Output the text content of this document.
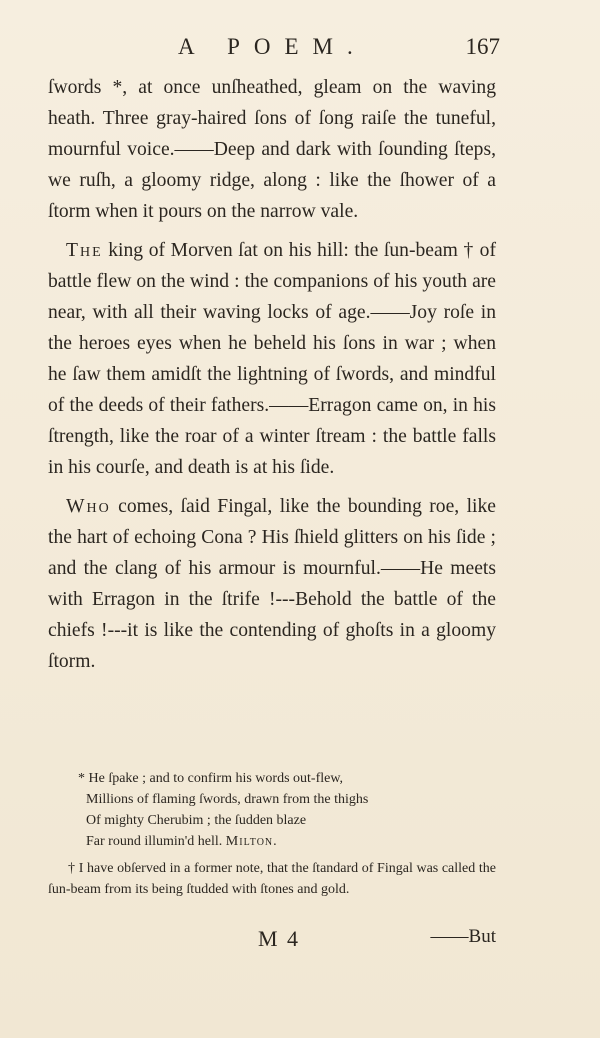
A POEM.	167

ſwords *, at once unſheathed, gleam on the waving heath. Three gray-haired ſons of ſong raiſe the tuneful, mournful voice.——Deep and dark with ſounding ſteps, we ruſh, a gloomy ridge, along : like the ſhower of a ſtorm when it pours on the narrow vale.

The king of Morven ſat on his hill: the ſun-beam † of battle flew on the wind : the companions of his youth are near, with all their waving locks of age.——Joy roſe in the heroes eyes when he beheld his ſons in war ; when he ſaw them amidſt the lightning of ſwords, and mindful of the deeds of their fathers.——Erragon came on, in his ſtrength, like the roar of a winter ſtream : the battle falls in his courſe, and death is at his ſide.

Who comes, ſaid Fingal, like the bounding roe, like the hart of echoing Cona ? His ſhield glitters on his ſide ; and the clang of his armour is mournful.——He meets with Erragon in the ſtrife !---Behold the battle of the chiefs !---it is like the contending of ghoſts in a gloomy ſtorm.

* He ſpake ; and to confirm his words out-flew,
Millions of flaming ſwords, drawn from the thighs
Of mighty Cherubim ; the ſudden blaze
Far round illumin'd hell. Milton.
† I have obſerved in a former note, that the ſtandard of Fingal was called the ſun-beam from its being ſtudded with ſtones and gold.
M 4	——But
